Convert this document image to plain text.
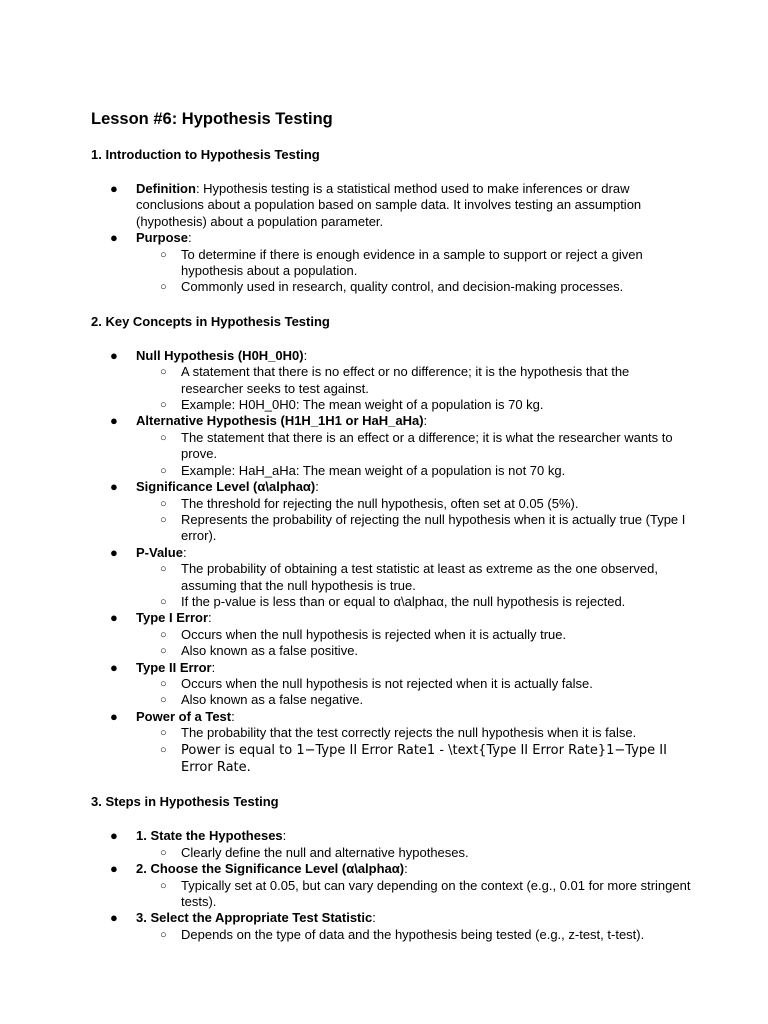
Lesson #6: Hypothesis Testing
1. Introduction to Hypothesis Testing
● Definition: Hypothesis testing is a statistical method used to make inferences or draw conclusions about a population based on sample data. It involves testing an assumption (hypothesis) about a population parameter.
● Purpose:
○ To determine if there is enough evidence in a sample to support or reject a given hypothesis about a population.
○ Commonly used in research, quality control, and decision-making processes.
2. Key Concepts in Hypothesis Testing
● Null Hypothesis (H0H_0H0):
○ A statement that there is no effect or no difference; it is the hypothesis that the researcher seeks to test against.
○ Example: H0H_0H0: The mean weight of a population is 70 kg.
● Alternative Hypothesis (H1H_1H1 or HaH_aHa):
○ The statement that there is an effect or a difference; it is what the researcher wants to prove.
○ Example: HaH_aHa: The mean weight of a population is not 70 kg.
● Significance Level (α\alphaα):
○ The threshold for rejecting the null hypothesis, often set at 0.05 (5%).
○ Represents the probability of rejecting the null hypothesis when it is actually true (Type I error).
● P-Value:
○ The probability of obtaining a test statistic at least as extreme as the one observed, assuming that the null hypothesis is true.
○ If the p-value is less than or equal to α\alphaα, the null hypothesis is rejected.
● Type I Error:
○ Occurs when the null hypothesis is rejected when it is actually true.
○ Also known as a false positive.
● Type II Error:
○ Occurs when the null hypothesis is not rejected when it is actually false.
○ Also known as a false negative.
● Power of a Test:
○ The probability that the test correctly rejects the null hypothesis when it is false.
○ Power is equal to 1−Type II Error Rate1 - \text{Type II Error Rate}1−Type II Error Rate.
3. Steps in Hypothesis Testing
● 1. State the Hypotheses:
○ Clearly define the null and alternative hypotheses.
● 2. Choose the Significance Level (α\alphaα):
○ Typically set at 0.05, but can vary depending on the context (e.g., 0.01 for more stringent tests).
● 3. Select the Appropriate Test Statistic:
○ Depends on the type of data and the hypothesis being tested (e.g., z-test, t-test).
